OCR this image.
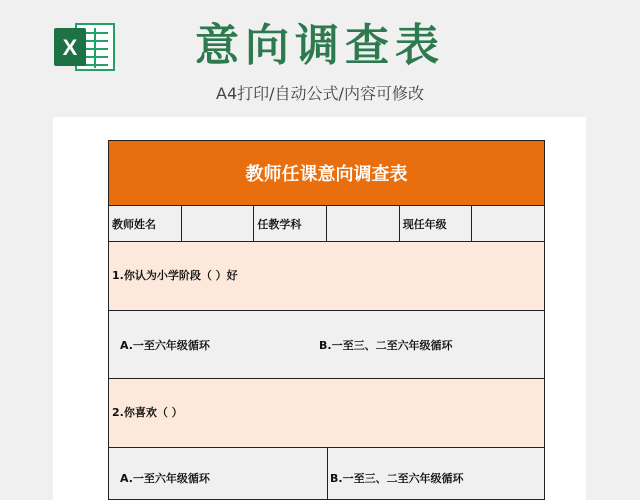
X	意向调查表
A4打印/自动公式/内容可修改
教师任课意向调查表
教师姓名	任教学科	现任年级
1.你认为小学阶段（ ）好
A.一至六年级循环	B.一至三、二至六年级循环
2.你喜欢（ ）
A.一至六年级循环	B.一至三、二至六年级循环
